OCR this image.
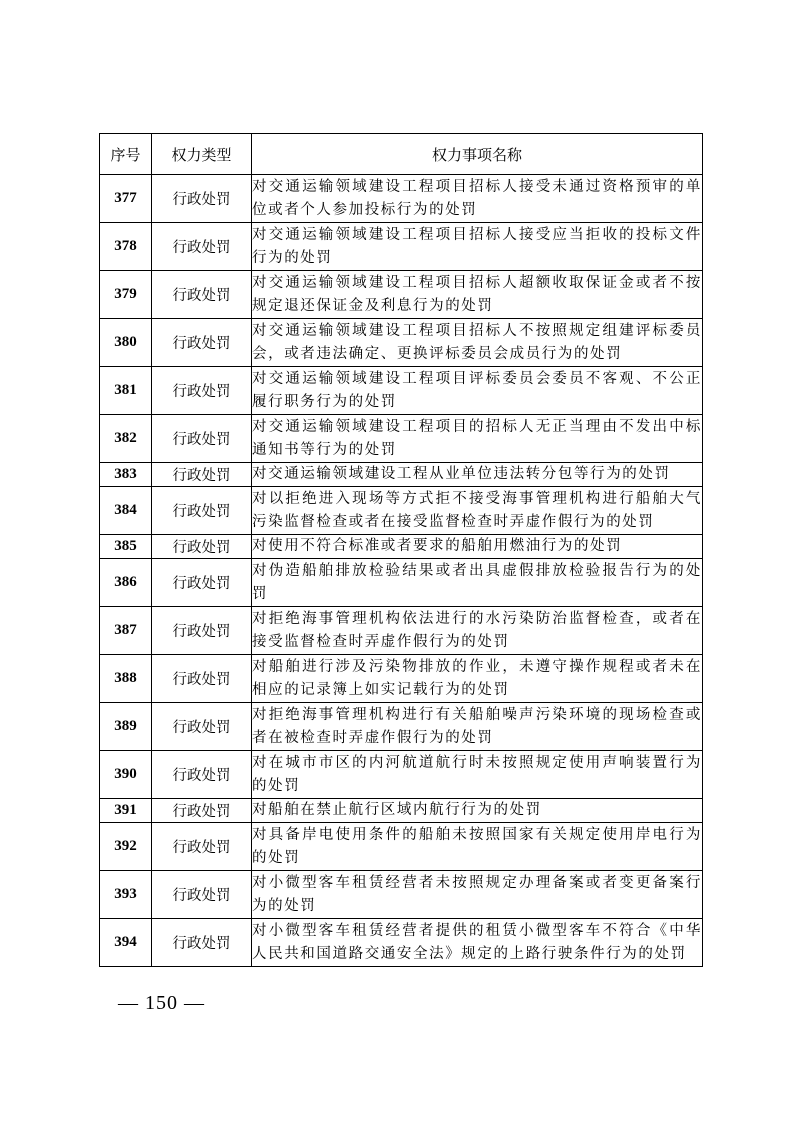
序号	权力类型	权力事项名称
377	行政处罚	对交通运输领域建设工程项目招标人接受未通过资格预审的单位或者个人参加投标行为的处罚
378	行政处罚	对交通运输领域建设工程项目招标人接受应当拒收的投标文件行为的处罚
379	行政处罚	对交通运输领域建设工程项目招标人超额收取保证金或者不按规定退还保证金及利息行为的处罚
380	行政处罚	对交通运输领域建设工程项目招标人不按照规定组建评标委员会，或者违法确定、更换评标委员会成员行为的处罚
381	行政处罚	对交通运输领域建设工程项目评标委员会委员不客观、不公正履行职务行为的处罚
382	行政处罚	对交通运输领域建设工程项目的招标人无正当理由不发出中标通知书等行为的处罚
383	行政处罚	对交通运输领域建设工程从业单位违法转分包等行为的处罚
384	行政处罚	对以拒绝进入现场等方式拒不接受海事管理机构进行船舶大气污染监督检查或者在接受监督检查时弄虚作假行为的处罚
385	行政处罚	对使用不符合标准或者要求的船舶用燃油行为的处罚
386	行政处罚	对伪造船舶排放检验结果或者出具虚假排放检验报告行为的处罚
387	行政处罚	对拒绝海事管理机构依法进行的水污染防治监督检查，或者在接受监督检查时弄虚作假行为的处罚
388	行政处罚	对船舶进行涉及污染物排放的作业，未遵守操作规程或者未在相应的记录簿上如实记载行为的处罚
389	行政处罚	对拒绝海事管理机构进行有关船舶噪声污染环境的现场检查或者在被检查时弄虚作假行为的处罚
390	行政处罚	对在城市市区的内河航道航行时未按照规定使用声响装置行为的处罚
391	行政处罚	对船舶在禁止航行区域内航行行为的处罚
392	行政处罚	对具备岸电使用条件的船舶未按照国家有关规定使用岸电行为的处罚
393	行政处罚	对小微型客车租赁经营者未按照规定办理备案或者变更备案行为的处罚
394	行政处罚	对小微型客车租赁经营者提供的租赁小微型客车不符合《中华人民共和国道路交通安全法》规定的上路行驶条件行为的处罚
— 150 —
